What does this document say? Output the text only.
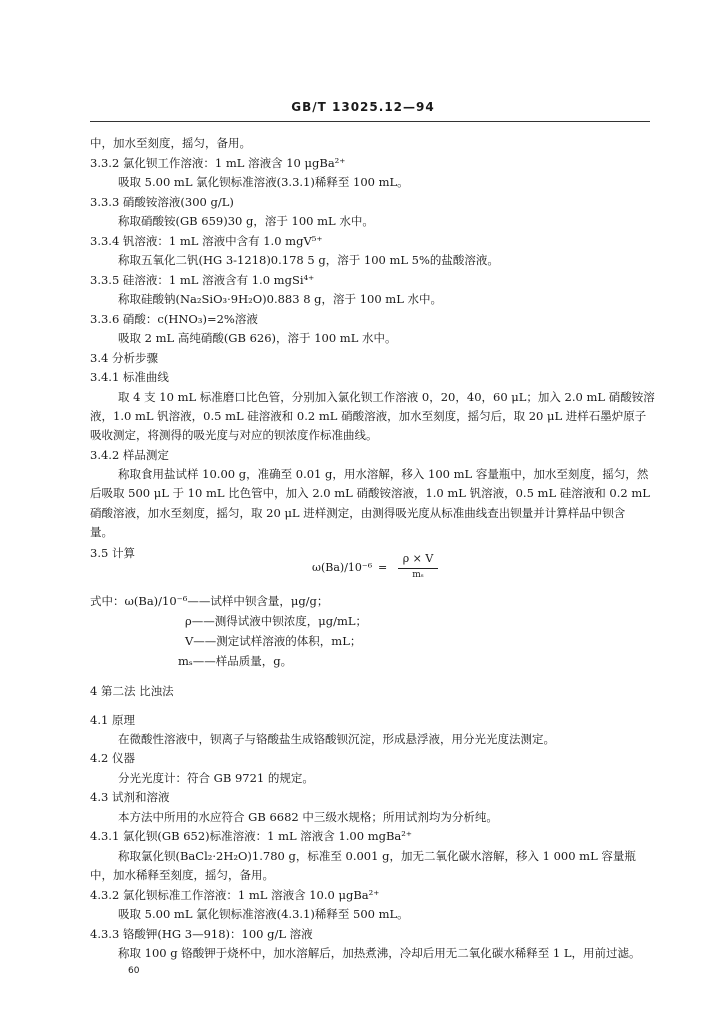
GB/T 13025.12—94
中，加水至刻度，摇匀，备用。
3.3.2 氯化钡工作溶液：1 mL 溶液含 10 μgBa²⁺
吸取 5.00 mL 氯化钡标准溶液(3.3.1)稀释至 100 mL。
3.3.3 硝酸铵溶液(300 g/L)
称取硝酸铵(GB 659)30 g，溶于 100 mL 水中。
3.3.4 钒溶液：1 mL 溶液中含有 1.0 mgV⁵⁺
称取五氧化二钒(HG 3-1218)0.178 5 g，溶于 100 mL 5%的盐酸溶液。
3.3.5 硅溶液：1 mL 溶液含有 1.0 mgSi⁴⁺
称取硅酸钠(Na₂SiO₃·9H₂O)0.883 8 g，溶于 100 mL 水中。
3.3.6 硝酸：c(HNO₃)=2%溶液
吸取 2 mL 高纯硝酸(GB 626)，溶于 100 mL 水中。
3.4 分析步骤
3.4.1 标准曲线
取 4 支 10 mL 标准磨口比色管，分别加入氯化钡工作溶液 0，20，40，60 μL；加入 2.0 mL 硝酸铵溶
液，1.0 mL 钒溶液，0.5 mL 硅溶液和 0.2 mL 硝酸溶液，加水至刻度，摇匀后，取 20 μL 进样石墨炉原子
吸收测定，将测得的吸光度与对应的钡浓度作标准曲线。
3.4.2 样品测定
称取食用盐试样 10.00 g，准确至 0.01 g，用水溶解，移入 100 mL 容量瓶中，加水至刻度，摇匀，然
后吸取 500 μL 于 10 mL 比色管中，加入 2.0 mL 硝酸铵溶液，1.0 mL 钒溶液，0.5 mL 硅溶液和 0.2 mL
硝酸溶液，加水至刻度，摇匀，取 20 μL 进样测定，由测得吸光度从标准曲线查出钡量并计算样品中钡含
量。
3.5 计算
式中：ω(Ba)/10⁻⁶——试样中钡含量，μg/g；
ρ——测得试液中钡浓度，μg/mL；
V——测定试样溶液的体积，mL；
mₛ——样品质量，g。
4 第二法 比浊法
4.1 原理
在微酸性溶液中，钡离子与铬酸盐生成铬酸钡沉淀，形成悬浮液，用分光光度法测定。
4.2 仪器
分光光度计：符合 GB 9721 的规定。
4.3 试剂和溶液
本方法中所用的水应符合 GB 6682 中三级水规格；所用试剂均为分析纯。
4.3.1 氯化钡(GB 652)标准溶液：1 mL 溶液含 1.00 mgBa²⁺
称取氯化钡(BaCl₂·2H₂O)1.780 g，标准至 0.001 g，加无二氧化碳水溶解，移入 1 000 mL 容量瓶
中，加水稀释至刻度，摇匀，备用。
4.3.2 氯化钡标准工作溶液：1 mL 溶液含 10.0 μgBa²⁺
吸取 5.00 mL 氯化钡标准溶液(4.3.1)稀释至 500 mL。
4.3.3 铬酸钾(HG 3—918)：100 g/L 溶液
称取 100 g 铬酸钾于烧杯中，加水溶解后，加热煮沸，冷却后用无二氧化碳水稀释至 1 L，用前过滤。
ω(Ba)/10⁻⁶ =
ρ × V
mₛ
60
